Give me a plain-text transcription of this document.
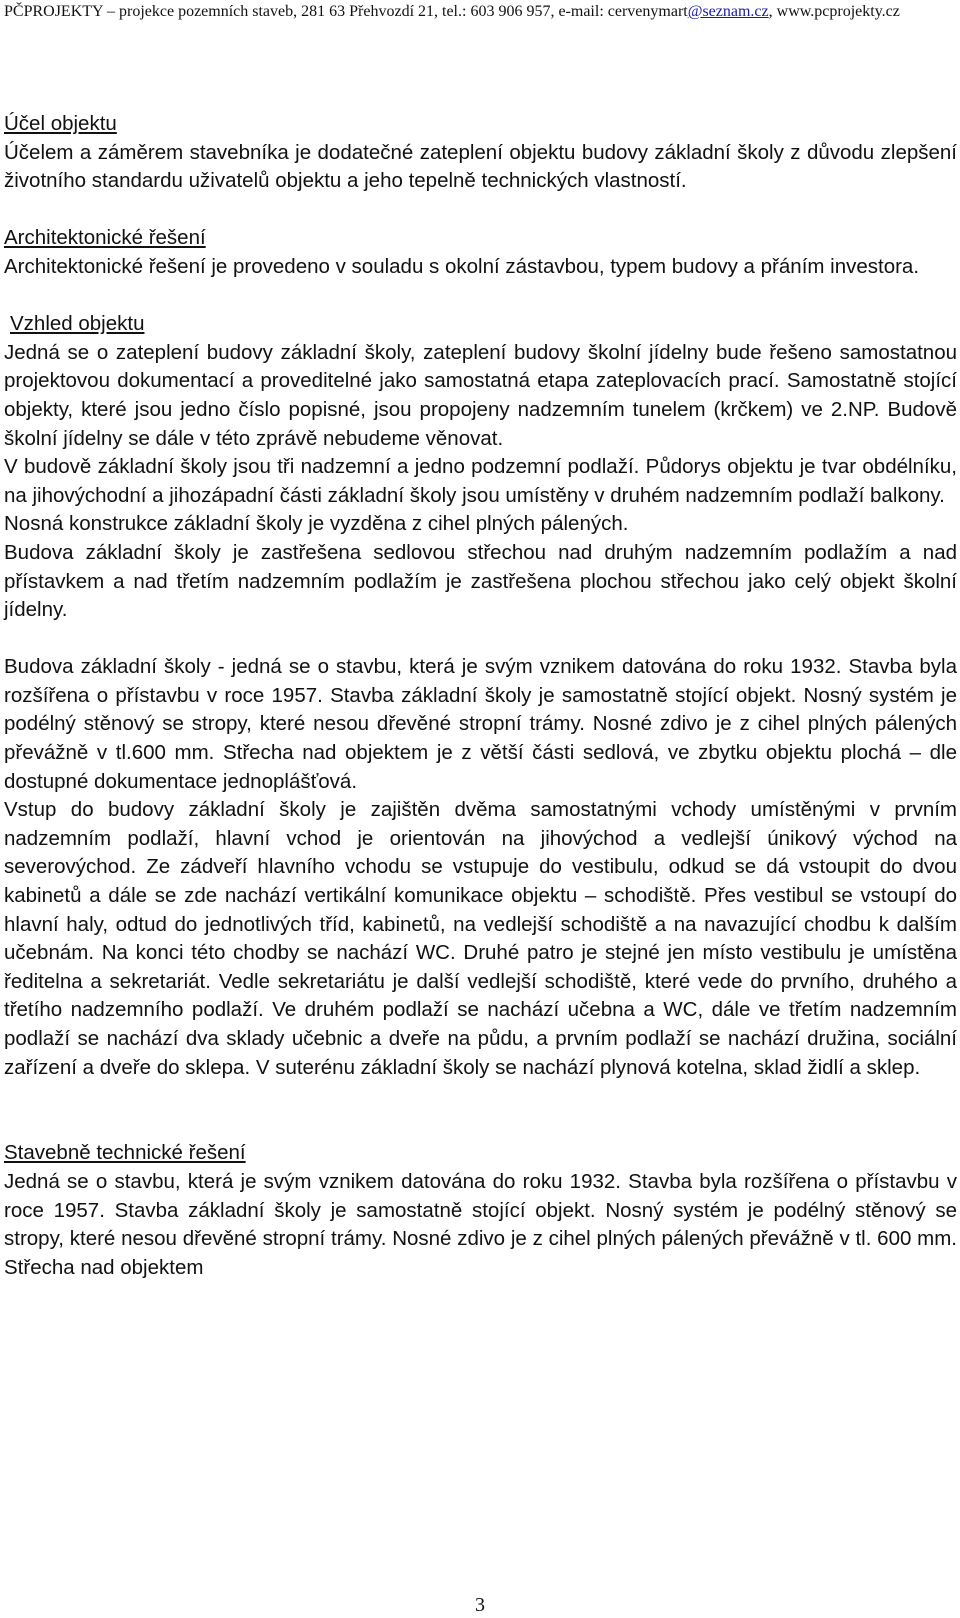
PČPROJEKTY – projekce pozemních staveb, 281 63 Přehvozdí 21, tel.: 603 906 957, e-mail: cervenymart@seznam.cz, www.pcprojekty.cz

Účel objektu

Účelem a záměrem stavebníka je dodatečné zateplení objektu budovy základní školy z důvodu zlepšení životního standardu uživatelů objektu a jeho tepelně technických vlastností.

Architektonické řešení

Architektonické řešení je provedeno v souladu s okolní zástavbou, typem budovy a přáním investora.

Vzhled objektu

Jedná se o zateplení budovy základní školy, zateplení budovy školní jídelny bude řešeno samostatnou projektovou dokumentací a proveditelné jako samostatná etapa zateplovacích prací. Samostatně stojící objekty, které jsou jedno číslo popisné, jsou propojeny nadzemním tunelem (krčkem) ve 2.NP. Budově školní jídelny se dále v této zprávě nebudeme věnovat.

V budově základní školy jsou tři nadzemní a jedno podzemní podlaží. Půdorys objektu je tvar obdélníku, na jihovýchodní a jihozápadní části základní školy jsou umístěny v druhém nadzemním podlaží balkony.

Nosná konstrukce základní školy je vyzděna z cihel plných pálených.

Budova základní školy je zastřešena sedlovou střechou nad druhým nadzemním podlažím a nad přístavkem a nad třetím nadzemním podlažím je zastřešena plochou střechou jako celý objekt školní jídelny.

Budova základní školy - jedná se o stavbu, která je svým vznikem datována do roku 1932. Stavba byla rozšířena o přístavbu v roce 1957. Stavba základní školy je samostatně stojící objekt. Nosný systém je podélný stěnový se stropy, které nesou dřevěné stropní trámy. Nosné zdivo je z cihel plných pálených převážně v tl.600 mm. Střecha nad objektem je z větší části sedlová, ve zbytku objektu plochá – dle dostupné dokumentace jednoplášťová.

Vstup do budovy základní školy je zajištěn dvěma samostatnými vchody umístěnými v prvním nadzemním podlaží, hlavní vchod je orientován na jihovýchod a vedlejší únikový východ na severovýchod. Ze zádveří hlavního vchodu se vstupuje do vestibulu, odkud se dá vstoupit do dvou kabinetů a dále se zde nachází vertikální komunikace objektu – schodiště. Přes vestibul se vstoupí do hlavní haly, odtud do jednotlivých tříd, kabinetů, na vedlejší schodiště a na navazující chodbu k dalším učebnám. Na konci této chodby se nachází WC. Druhé patro je stejné jen místo vestibulu je umístěna ředitelna a sekretariát. Vedle sekretariátu je další vedlejší schodiště, které vede do prvního, druhého a třetího nadzemního podlaží. Ve druhém podlaží se nachází učebna a WC, dále ve třetím nadzemním podlaží se nachází dva sklady učebnic a dveře na půdu, a prvním podlaží se nachází družina, sociální zařízení a dveře do sklepa. V suterénu základní školy se nachází plynová kotelna, sklad židlí a sklep.

Stavebně technické řešení

Jedná se o stavbu, která je svým vznikem datována do roku 1932. Stavba byla rozšířena o přístavbu v roce 1957. Stavba základní školy je samostatně stojící objekt. Nosný systém je podélný stěnový se stropy, které nesou dřevěné stropní trámy. Nosné zdivo je z cihel plných pálených převážně v tl. 600 mm. Střecha nad objektem

3
